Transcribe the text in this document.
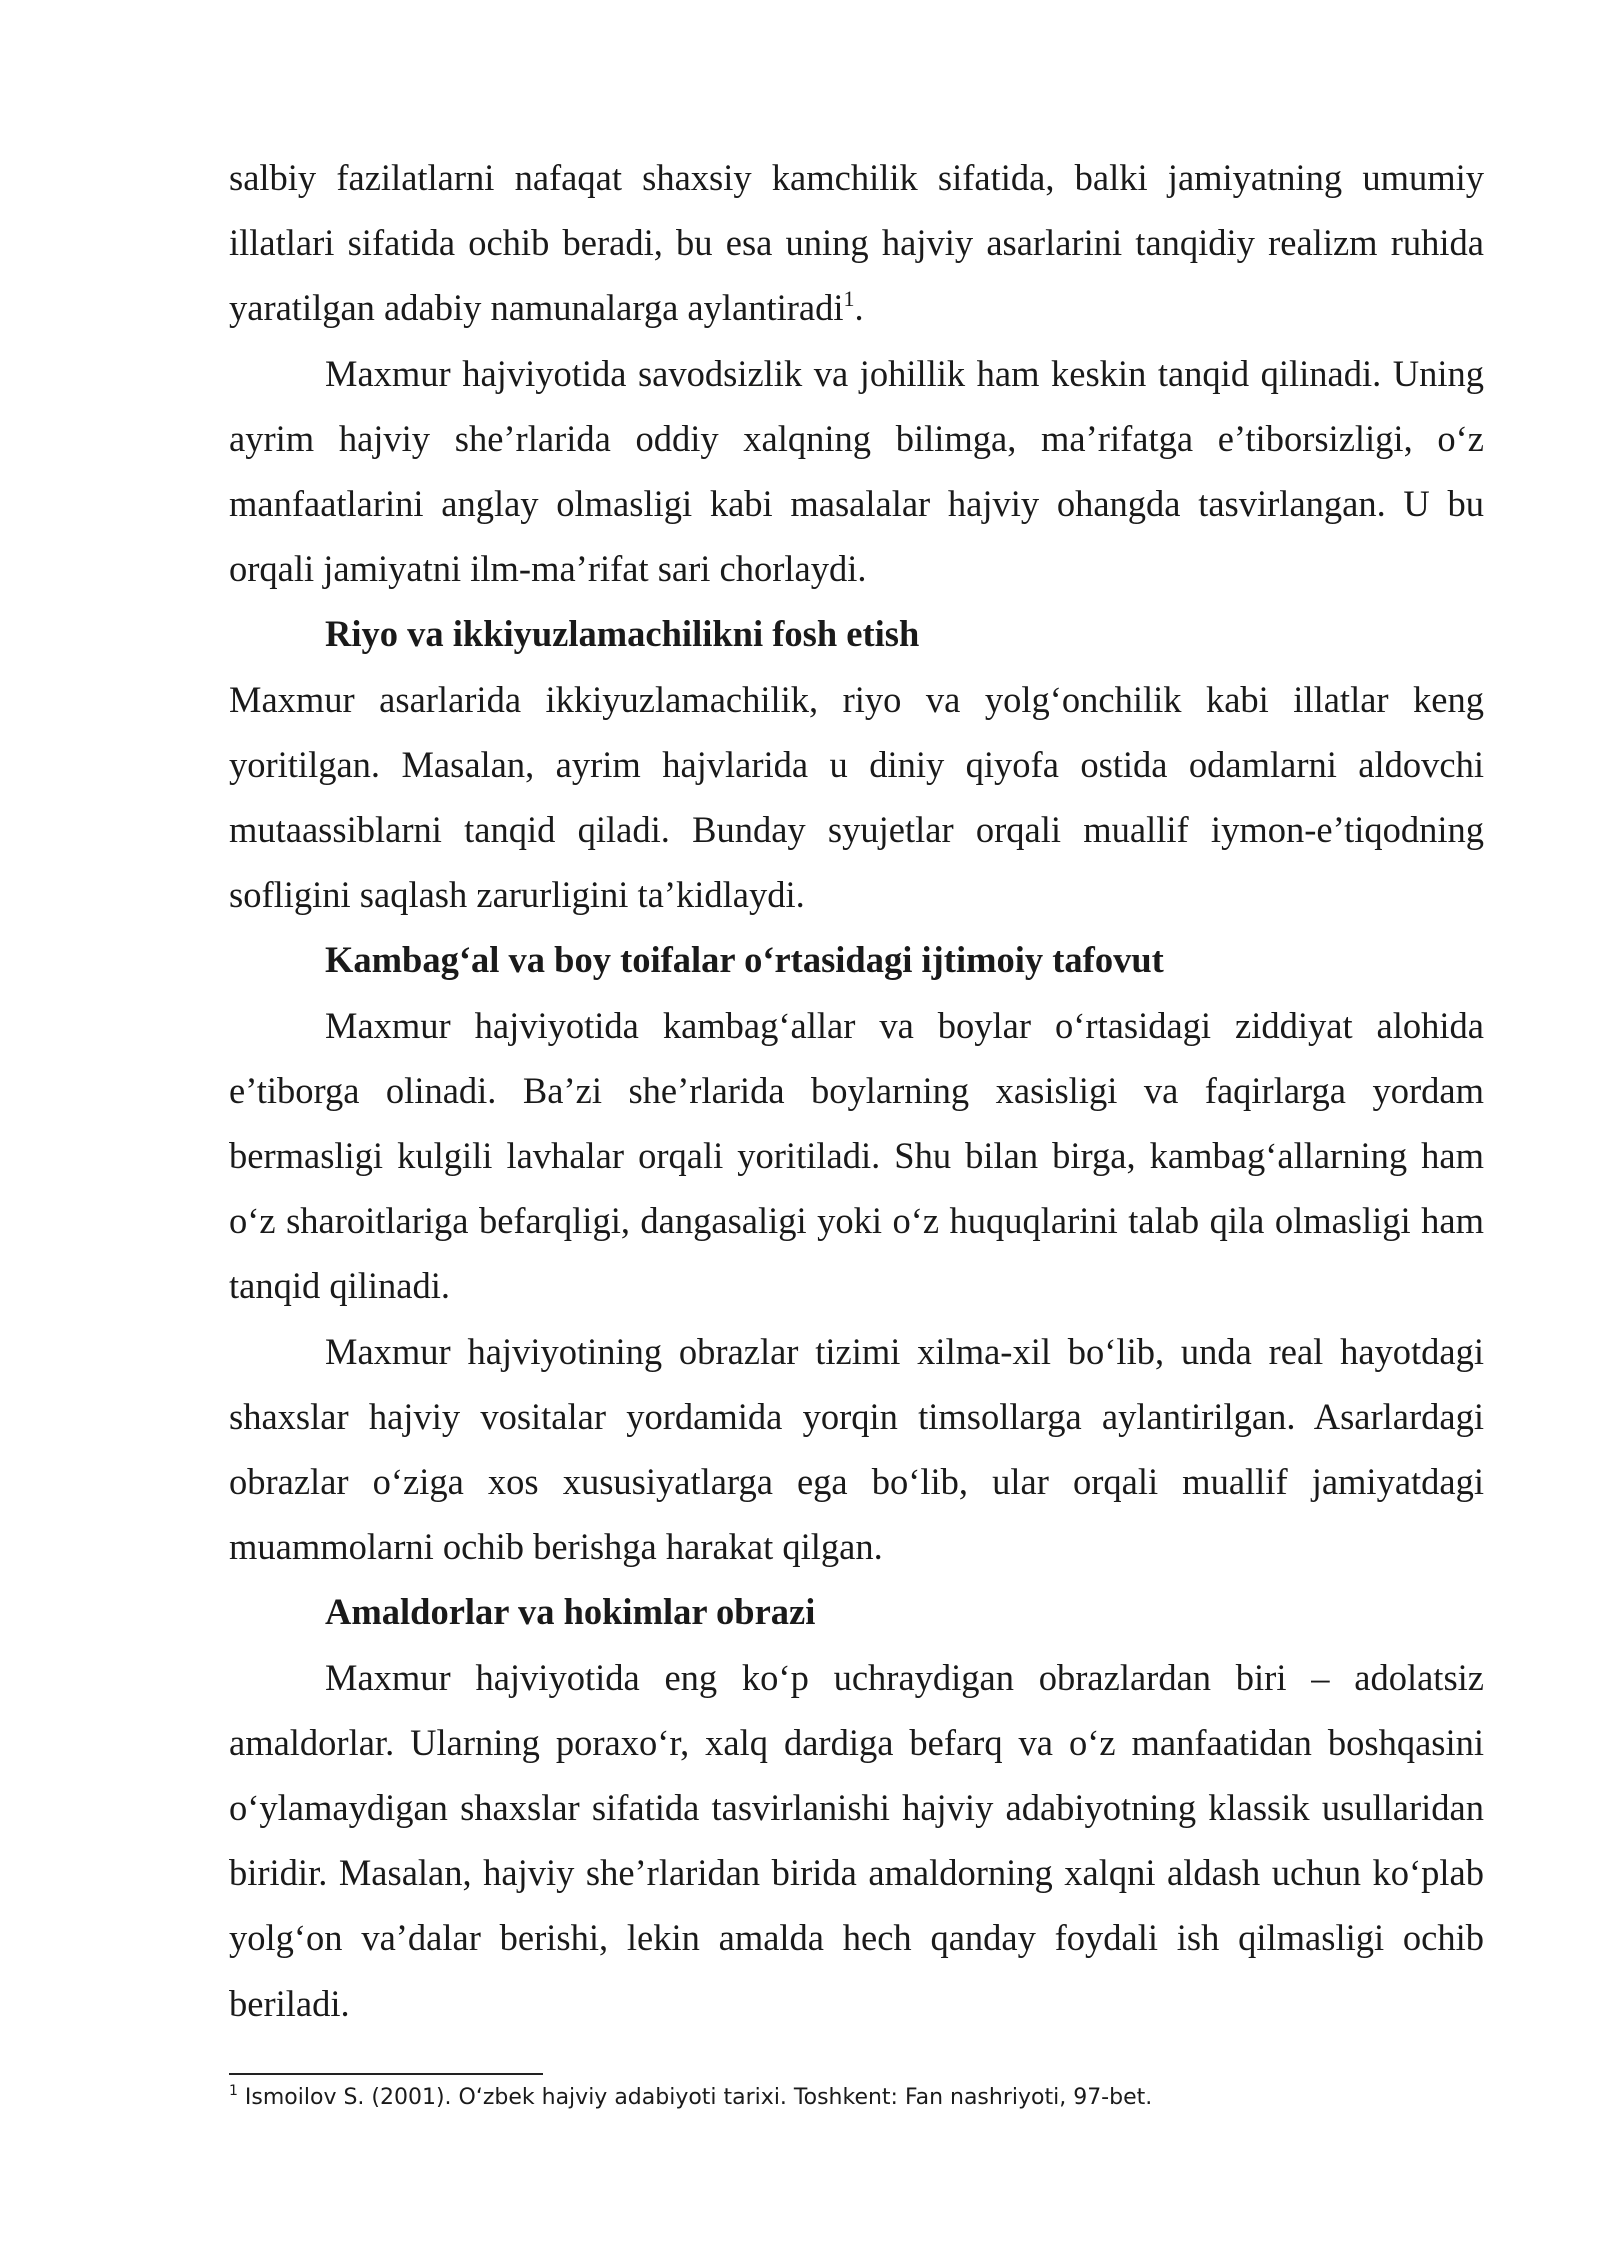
salbiy fazilatlarni nafaqat shaxsiy kamchilik sifatida, balki jamiyatning umumiy illatlari sifatida ochib beradi, bu esa uning hajviy asarlarini tanqidiy realizm ruhida yaratilgan adabiy namunalarga aylantiradi$^1$.

Maxmur hajviyotida savodsizlik va johillik ham keskin tanqid qilinadi. Uning ayrim hajviy she’rlarida oddiy xalqning bilimga, ma’rifatga e’tiborsizligi, o‘z manfaatlarini anglay olmasligi kabi masalalar hajviy ohangda tasvirlangan. U bu orqali jamiyatni ilm-ma’rifat sari chorlaydi.

Riyo va ikkiyuzlamachilikni fosh etish

Maxmur asarlarida ikkiyuzlamachilik, riyo va yolg‘onchilik kabi illatlar keng yoritilgan. Masalan, ayrim hajvlarida u diniy qiyofa ostida odamlarni aldovchi mutaassiblarni tanqid qiladi. Bunday syujetlar orqali muallif iymon-e’tiqodning sofligini saqlash zarurligini ta’kidlaydi.

Kambag‘al va boy toifalar o‘rtasidagi ijtimoiy tafovut

Maxmur hajviyotida kambag‘allar va boylar o‘rtasidagi ziddiyat alohida e’tiborga olinadi. Ba’zi she’rlarida boylarning xasisligi va faqirlarga yordam bermasligi kulgili lavhalar orqali yoritiladi. Shu bilan birga, kambag‘allarning ham o‘z sharoitlariga befarqligi, dangasaligi yoki o‘z huquqlarini talab qila olmasligi ham tanqid qilinadi.

Maxmur hajviyotining obrazlar tizimi xilma-xil bo‘lib, unda real hayotdagi shaxslar hajviy vositalar yordamida yorqin timsollarga aylantirilgan. Asarlardagi obrazlar o‘ziga xos xususiyatlarga ega bo‘lib, ular orqali muallif jamiyatdagi muammolarni ochib berishga harakat qilgan.

Amaldorlar va hokimlar obrazi

Maxmur hajviyotida eng ko‘p uchraydigan obrazlardan biri – adolatsiz amaldorlar. Ularning poraxo‘r, xalq dardiga befarq va o‘z manfaatidan boshqasini o‘ylamaydigan shaxslar sifatida tasvirlanishi hajviy adabiyotning klassik usullaridan biridir. Masalan, hajviy she’rlaridan birida amaldorning xalqni aldash uchun ko‘plab yolg‘on va’dalar berishi, lekin amalda hech qanday foydali ish qilmasligi ochib beriladi.

$^1$ Ismoilov S. (2001). O‘zbek hajviy adabiyoti tarixi. Toshkent: Fan nashriyoti, 97-bet.
